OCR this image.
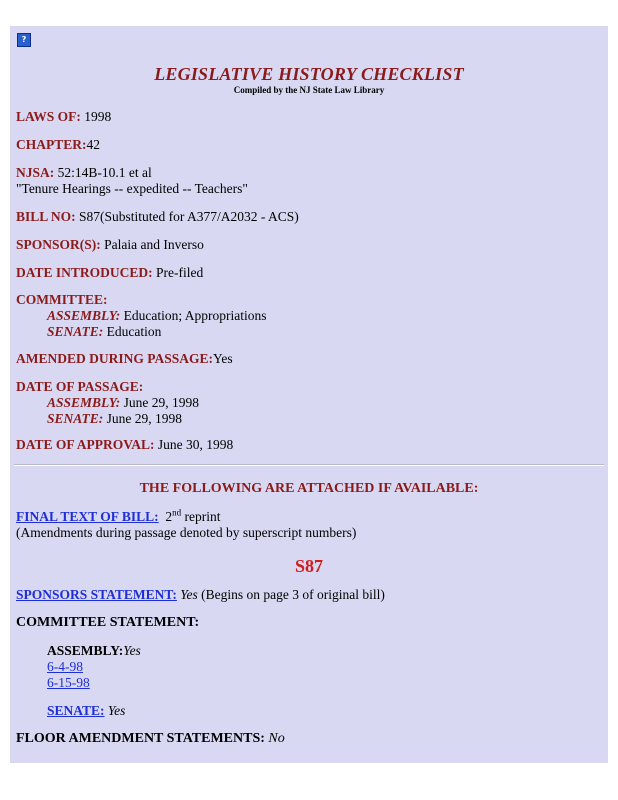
?
LEGISLATIVE HISTORY CHECKLIST
Compiled by the NJ State Law Library
LAWS OF: 1998
CHAPTER:42
NJSA: 52:14B-10.1 et al
"Tenure Hearings -- expedited -- Teachers"
BILL NO: S87(Substituted for A377/A2032 - ACS)
SPONSOR(S): Palaia and Inverso
DATE INTRODUCED: Pre-filed
COMMITTEE:
ASSEMBLY: Education; Appropriations
SENATE: Education
AMENDED DURING PASSAGE:Yes
DATE OF PASSAGE:
ASSEMBLY: June 29, 1998
SENATE: June 29, 1998
DATE OF APPROVAL: June 30, 1998
THE FOLLOWING ARE ATTACHED IF AVAILABLE:
FINAL TEXT OF BILL: 2nd reprint
(Amendments during passage denoted by superscript numbers)
S87
SPONSORS STATEMENT: Yes (Begins on page 3 of original bill)
COMMITTEE STATEMENT:
ASSEMBLY:Yes
6-4-98
6-15-98
SENATE: Yes
FLOOR AMENDMENT STATEMENTS: No
